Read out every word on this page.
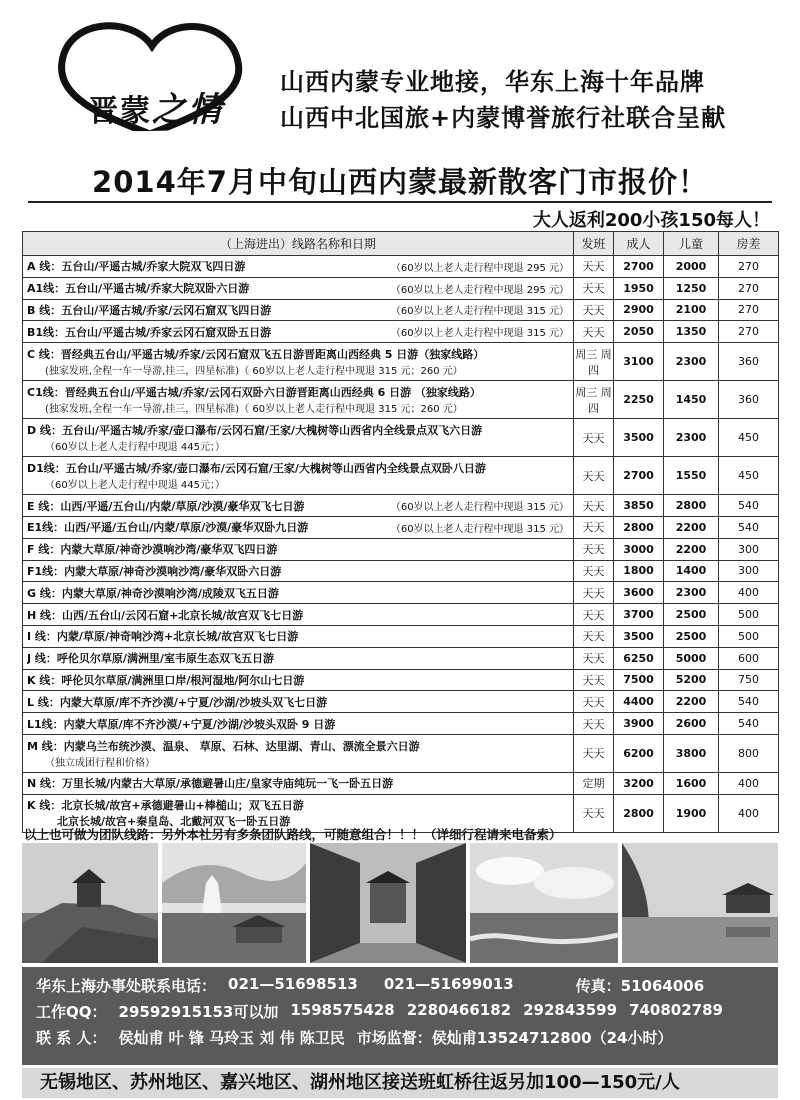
晋蒙之情
山西内蒙专业地接，华东上海十年品牌
山西中北国旅+内蒙博誉旅行社联合呈献
2014年7月中旬山西内蒙最新散客门市报价！
大人返利200小孩150每人！
（上海进出）线路名称和日期	发班	成人	儿童	房差

A 线：五台山/平遥古城/乔家大院双飞四日游 （60岁以上老人走行程中现退 295 元）	天天	2700	2000	270

A1线：五台山/平遥古城/乔家大院双卧六日游 （60岁以上老人走行程中现退 295 元）	天天	1950	1250	270

B 线：五台山/平遥古城/乔家/云冈石窟双飞四日游 （60岁以上老人走行程中现退 315 元）	天天	2900	2100	270

B1线：五台山/平遥古城/乔家云冈石窟双卧五日游 （60岁以上老人走行程中现退 315 元）	天天	2050	1350	270

C 线：晋经典五台山/平遥古城/乔家/云冈石窟双飞五日游晋距离山西经典 5 日游（独家线路）
(独家发班,全程一车一导游,挂三，四星标准)（ 60岁以上老人走行程中现退 315 元；260 元）	周三 周四	3100	2300	360

C1线：晋经典五台山/平遥古城/乔家/云冈石双卧六日游晋距离山西经典 6 日游 （独家线路）
(独家发班,全程一车一导游,挂三，四星标准)（ 60岁以上老人走行程中现退 315 元；260 元）	周三 周四	2250	1450	360

D 线：五台山/平遥古城/乔家/壶口瀑布/云冈石窟/王家/大槐树等山西省内全线景点双飞六日游
（60岁以上老人走行程中现退 445元；）	天天	3500	2300	450

D1线：五台山/平遥古城/乔家/壶口瀑布/云冈石窟/王家/大槐树等山西省内全线景点双卧八日游
（60岁以上老人走行程中现退 445元；）	天天	2700	1550	450

E 线：山西/平遥/五台山/内蒙/草原/沙漠/豪华双飞七日游 （60岁以上老人走行程中现退 315 元）	天天	3850	2800	540

E1线：山西/平遥/五台山/内蒙/草原/沙漠/豪华双卧九日游 （60岁以上老人走行程中现退 315 元）	天天	2800	2200	540

F 线：内蒙大草原/神奇沙漠响沙湾/豪华双飞四日游	天天	3000	2200	300

F1线：内蒙大草原/神奇沙漠响沙湾/豪华双卧六日游	天天	1800	1400	300

G 线：内蒙大草原/神奇沙漠响沙湾/成陵双飞五日游	天天	3600	2300	400

H 线：山西/五台山/云冈石窟+北京长城/故宫双飞七日游	天天	3700	2500	500

I 线：内蒙/草原/神奇响沙湾+北京长城/故宫双飞七日游	天天	3500	2500	500

J 线：呼伦贝尔草原/满洲里/室韦原生态双飞五日游	天天	6250	5000	600

K 线：呼伦贝尔草原/满洲里口岸/根河湿地/阿尔山七日游	天天	7500	5200	750

L 线：内蒙大草原/库不齐沙漠/+宁夏/沙湖/沙坡头双飞七日游	天天	4400	2200	540

L1线：内蒙大草原/库不齐沙漠/+宁夏/沙湖/沙坡头双卧 9 日游	天天	3900	2600	540

M 线：内蒙乌兰布统沙漠、温泉、 草原、石林、达里湖、青山、漂流全景六日游
（独立成团行程和价格）	天天	6200	3800	800

N 线：万里长城/内蒙古大草原/承德避暑山庄/皇家寺庙纯玩一飞一卧五日游	定期	3200	1600	400

K 线：北京长城/故宫+承德避暑山+棒槌山；双飞五日游
北京长城/故宫+秦皇岛、北戴河双飞一卧五日游	天天	2800	1900	400
以上也可做为团队线路：另外本社另有多条团队路线，可随意组合！！！（详细行程请来电备索）
华东上海办事处联系电话： 021—51698513 021—51699013	传真：51064006
工作QQ： 29592915153可以加 1598575428 2280466182 292843599 740802789
联 系 人： 侯灿甫 叶 锋 马玲玉 刘 伟 陈卫民 市场监督：侯灿甫13524712800（24小时）
无锡地区、苏州地区、嘉兴地区、湖州地区接送班虹桥往返另加100—150元/人
